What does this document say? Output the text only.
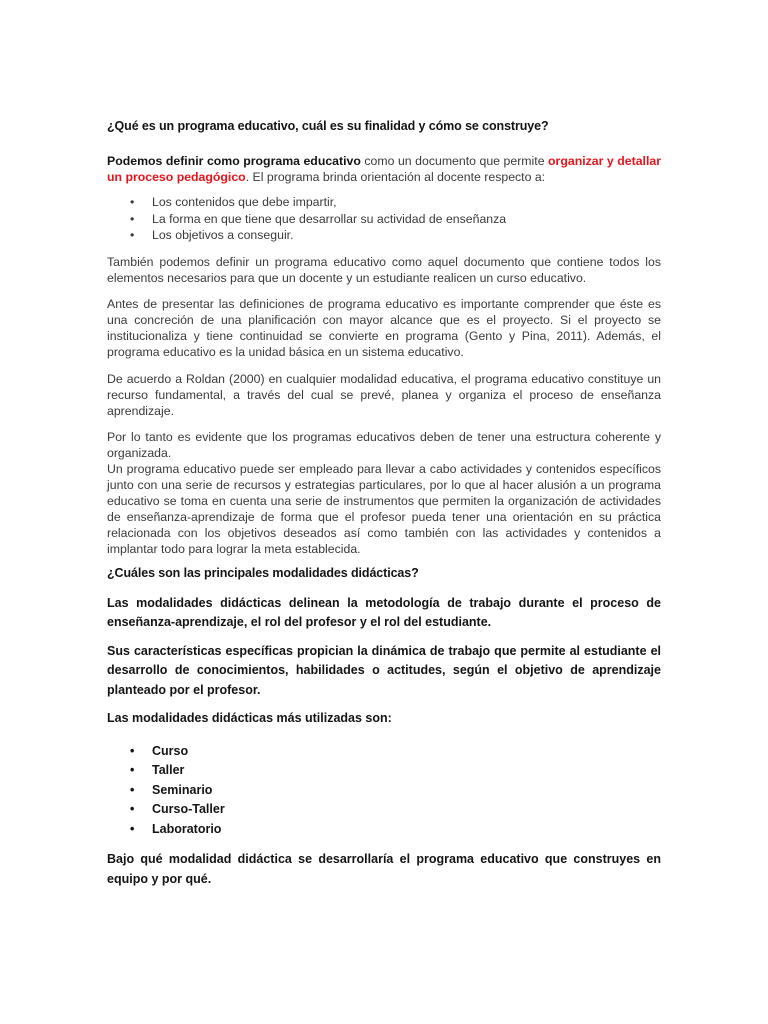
¿Qué es un programa educativo, cuál es su finalidad y cómo se construye?

Podemos definir como programa educativo como un documento que permite organizar y detallar un proceso pedagógico. El programa brinda orientación al docente respecto a:

• Los contenidos que debe impartir,
• La forma en que tiene que desarrollar su actividad de enseñanza
• Los objetivos a conseguir.

También podemos definir un programa educativo como aquel documento que contiene todos los elementos necesarios para que un docente y un estudiante realicen un curso educativo.

Antes de presentar las definiciones de programa educativo es importante comprender que éste es una concreción de una planificación con mayor alcance que es el proyecto. Si el proyecto se institucionaliza y tiene continuidad se convierte en programa (Gento y Pina, 2011). Además, el programa educativo es la unidad básica en un sistema educativo.

De acuerdo a Roldan (2000) en cualquier modalidad educativa, el programa educativo constituye un recurso fundamental, a través del cual se prevé, planea y organiza el proceso de enseñanza aprendizaje.

Por lo tanto es evidente que los programas educativos deben de tener una estructura coherente y organizada.

Un programa educativo puede ser empleado para llevar a cabo actividades y contenidos específicos junto con una serie de recursos y estrategias particulares, por lo que al hacer alusión a un programa educativo se toma en cuenta una serie de instrumentos que permiten la organización de actividades de enseñanza-aprendizaje de forma que el profesor pueda tener una orientación en su práctica relacionada con los objetivos deseados así como también con las actividades y contenidos a implantar todo para lograr la meta establecida.

¿Cuáles son las principales modalidades didácticas?

Las modalidades didácticas delinean la metodología de trabajo durante el proceso de enseñanza-aprendizaje, el rol del profesor y el rol del estudiante.

Sus características específicas propician la dinámica de trabajo que permite al estudiante el desarrollo de conocimientos, habilidades o actitudes, según el objetivo de aprendizaje planteado por el profesor.

Las modalidades didácticas más utilizadas son:

• Curso
• Taller
• Seminario
• Curso-Taller
• Laboratorio

Bajo qué modalidad didáctica se desarrollaría el programa educativo que construyes en equipo y por qué.
